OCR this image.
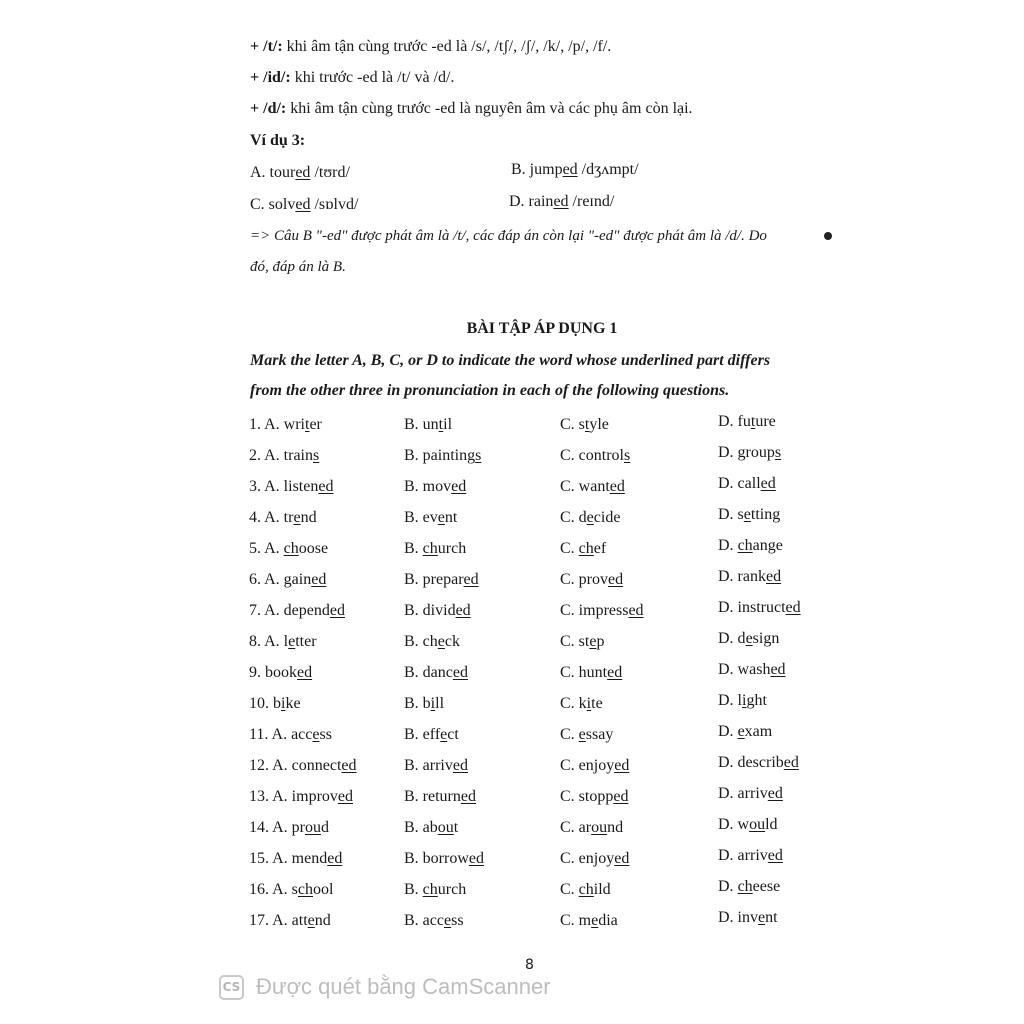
+ /t/: khi âm tận cùng trước -ed là /s/, /tʃ/, /ʃ/, /k/, /p/, /f/.
+ /id/: khi trước -ed là /t/ và /d/.
+ /d/: khi âm tận cùng trước -ed là nguyên âm và các phụ âm còn lại.
Ví dụ 3:
A. toured /tʊrd/	B. jumped /dʒʌmpt/
C. solved /sɒlvd/	D. rained /reɪnd/
=> Câu B "-ed" được phát âm là /t/, các đáp án còn lại "-ed" được phát âm là /d/. Do
đó, đáp án là B.
BÀI TẬP ÁP DỤNG 1
Mark the letter A, B, C, or D to indicate the word whose underlined part differs
from the other three in pronunciation in each of the following questions.
1. A. writer	B. until	C. style	D. future
2. A. trains	B. paintings	C. controls	D. groups
3. A. listened	B. moved	C. wanted	D. called
4. A. trend	B. event	C. decide	D. setting
5. A. choose	B. church	C. chef	D. change
6. A. gained	B. prepared	C. proved	D. ranked
7. A. depended	B. divided	C. impressed	D. instructed
8. A. letter	B. check	C. step	D. design
9. booked	B. danced	C. hunted	D. washed
10. bike	B. bill	C. kite	D. light
11. A. access	B. effect	C. essay	D. exam
12. A. connected	B. arrived	C. enjoyed	D. described
13. A. improved	B. returned	C. stopped	D. arrived
14. A. proud	B. about	C. around	D. would
15. A. mended	B. borrowed	C. enjoyed	D. arrived
16. A. school	B. church	C. child	D. cheese
17. A. attend	B. access	C. media	D. invent
8
CS Được quét bằng CamScanner
